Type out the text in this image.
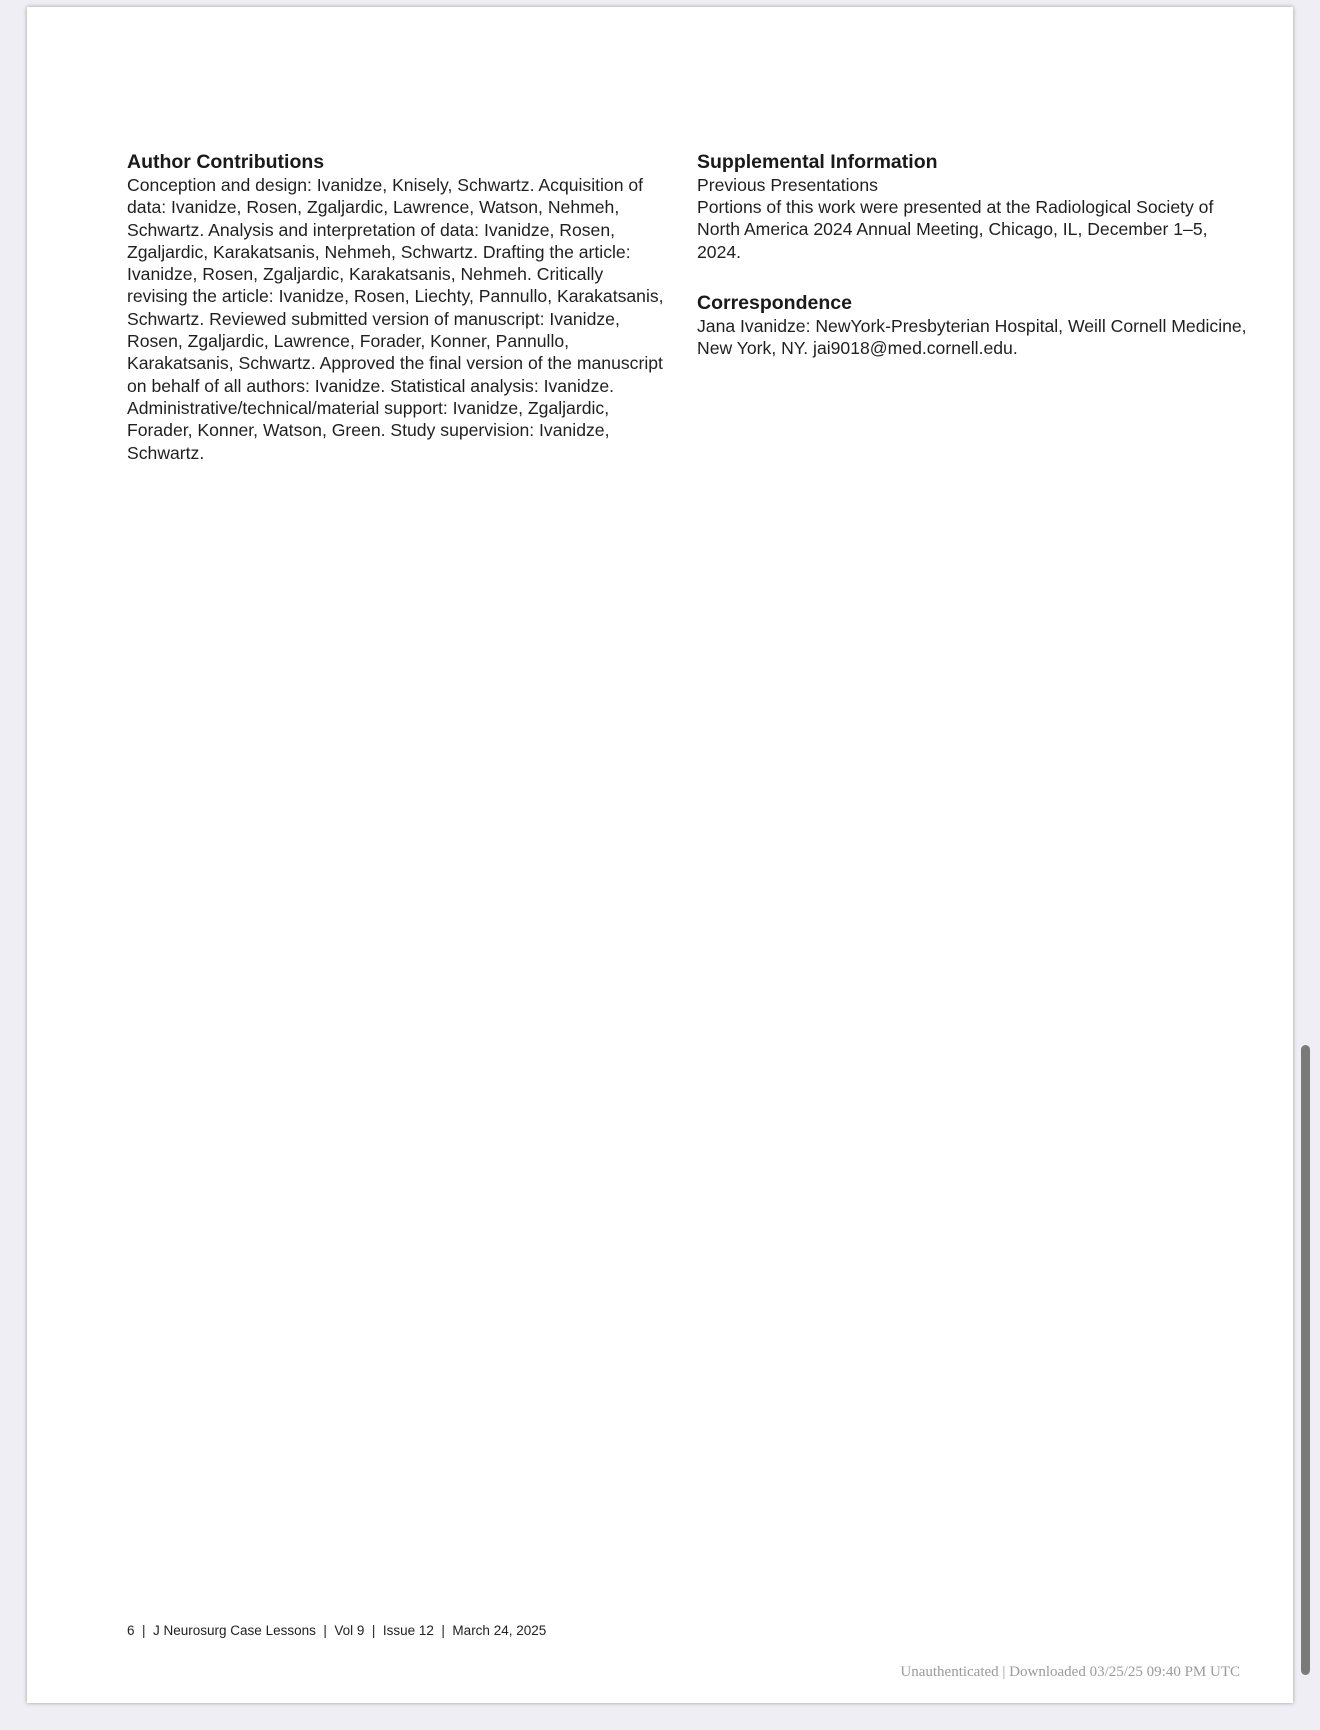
Author Contributions

Conception and design: Ivanidze, Knisely, Schwartz. Acquisition of data: Ivanidze, Rosen, Zgaljardic, Lawrence, Watson, Nehmeh, Schwartz. Analysis and interpretation of data: Ivanidze, Rosen, Zgaljardic, Karakatsanis, Nehmeh, Schwartz. Drafting the article: Ivanidze, Rosen, Zgaljardic, Karakatsanis, Nehmeh. Critically revising the article: Ivanidze, Rosen, Liechty, Pannullo, Karakatsanis, Schwartz. Reviewed submitted version of manuscript: Ivanidze, Rosen, Zgaljardic, Lawrence, Forader, Konner, Pannullo, Karakatsanis, Schwartz. Approved the final version of the manuscript on behalf of all authors: Ivanidze. Statistical analysis: Ivanidze. Administrative/technical/material support: Ivanidze, Zgaljardic, Forader, Konner, Watson, Green. Study supervision: Ivanidze, Schwartz.

Supplemental Information
Previous Presentations

Portions of this work were presented at the Radiological Society of North America 2024 Annual Meeting, Chicago, IL, December 1–5, 2024.

Correspondence

Jana Ivanidze: NewYork-Presbyterian Hospital, Weill Cornell Medicine, New York, NY. jai9018@med.cornell.edu.

6  |  J Neurosurg Case Lessons  |  Vol 9  |  Issue 12  |  March 24, 2025
Unauthenticated | Downloaded 03/25/25 09:40 PM UTC
